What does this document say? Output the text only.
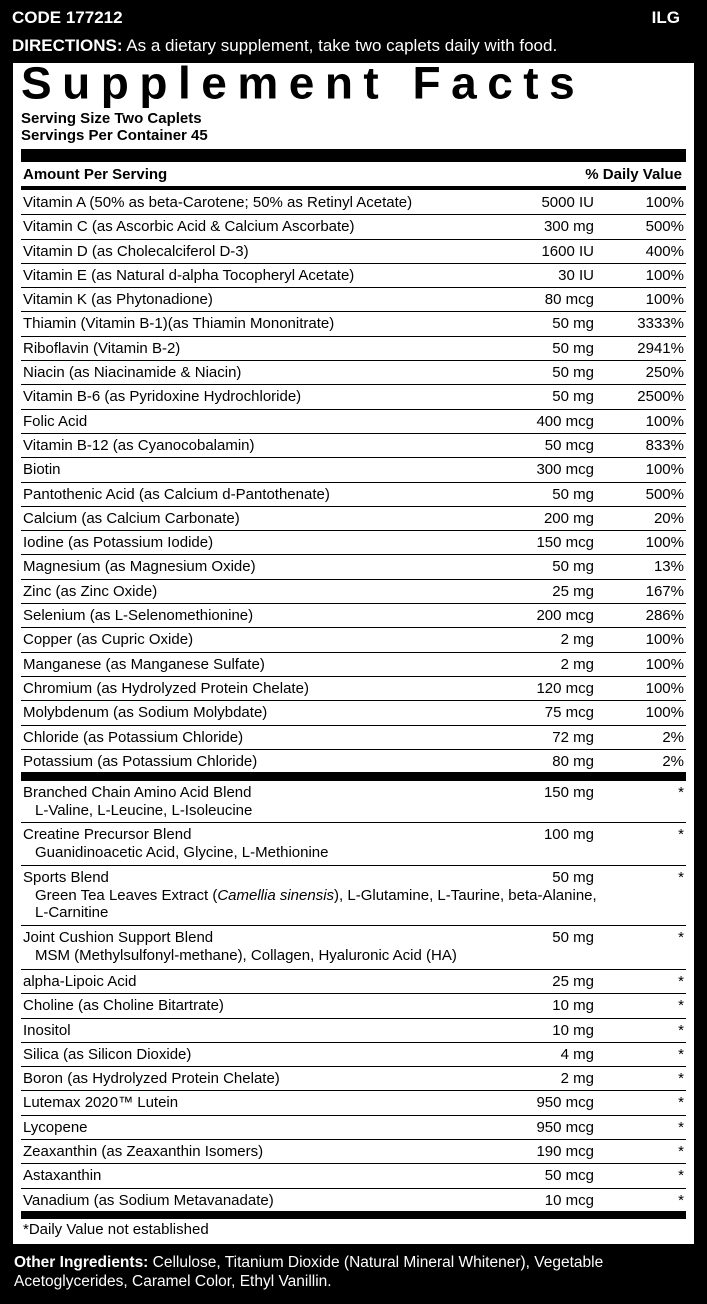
CODE 177212	ILG
DIRECTIONS: As a dietary supplement, take two caplets daily with food.
Supplement Facts
Serving Size Two Caplets
Servings Per Container 45
Amount Per Serving	% Daily Value
Vitamin A (50% as beta-Carotene; 50% as Retinyl Acetate)	5000 IU	100%
Vitamin C (as Ascorbic Acid & Calcium Ascorbate)	300 mg	500%
Vitamin D (as Cholecalciferol D-3)	1600 IU	400%
Vitamin E (as Natural d-alpha Tocopheryl Acetate)	30 IU	100%
Vitamin K (as Phytonadione)	80 mcg	100%
Thiamin (Vitamin B-1)(as Thiamin Mononitrate)	50 mg	3333%
Riboflavin (Vitamin B-2)	50 mg	2941%
Niacin (as Niacinamide & Niacin)	50 mg	250%
Vitamin B-6 (as Pyridoxine Hydrochloride)	50 mg	2500%
Folic Acid	400 mcg	100%
Vitamin B-12 (as Cyanocobalamin)	50 mcg	833%
Biotin	300 mcg	100%
Pantothenic Acid (as Calcium d-Pantothenate)	50 mg	500%
Calcium (as Calcium Carbonate)	200 mg	20%
Iodine (as Potassium Iodide)	150 mcg	100%
Magnesium (as Magnesium Oxide)	50 mg	13%
Zinc (as Zinc Oxide)	25 mg	167%
Selenium (as L-Selenomethionine)	200 mcg	286%
Copper (as Cupric Oxide)	2 mg	100%
Manganese (as Manganese Sulfate)	2 mg	100%
Chromium (as Hydrolyzed Protein Chelate)	120 mcg	100%
Molybdenum (as Sodium Molybdate)	75 mcg	100%
Chloride (as Potassium Chloride)	72 mg	2%
Potassium (as Potassium Chloride)	80 mg	2%
Branched Chain Amino Acid Blend	150 mg	*
L-Valine, L-Leucine, L-Isoleucine
Creatine Precursor Blend	100 mg	*
Guanidinoacetic Acid, Glycine, L-Methionine
Sports Blend	50 mg	*
Green Tea Leaves Extract (Camellia sinensis), L-Glutamine, L-Taurine, beta-Alanine,
L-Carnitine
Joint Cushion Support Blend	50 mg	*
MSM (Methylsulfonyl-methane), Collagen, Hyaluronic Acid (HA)
alpha-Lipoic Acid	25 mg	*
Choline (as Choline Bitartrate)	10 mg	*
Inositol	10 mg	*
Silica (as Silicon Dioxide)	4 mg	*
Boron (as Hydrolyzed Protein Chelate)	2 mg	*
Lutemax 2020™ Lutein	950 mcg	*
Lycopene	950 mcg	*
Zeaxanthin (as Zeaxanthin Isomers)	190 mcg	*
Astaxanthin	50 mcg	*
Vanadium (as Sodium Metavanadate)	10 mcg	*
*Daily Value not established
Other Ingredients: Cellulose, Titanium Dioxide (Natural Mineral Whitener), Vegetable Acetoglycerides, Caramel Color, Ethyl Vanillin.
